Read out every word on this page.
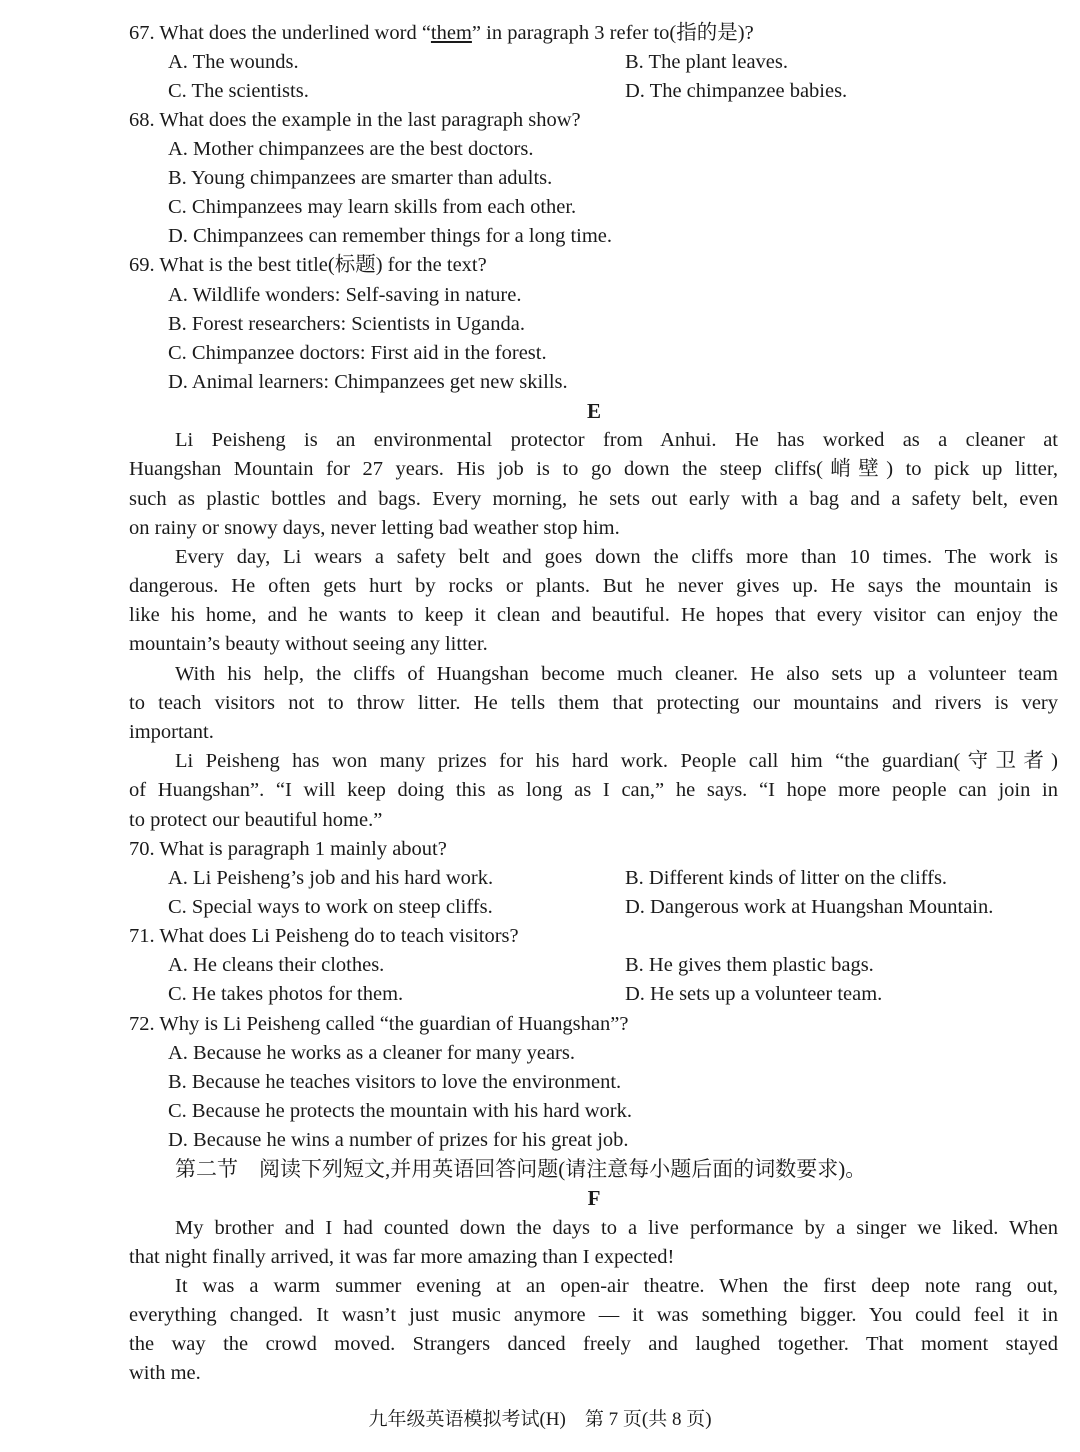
67. What does the underlined word “them” in paragraph 3 refer to(指的是)?
A. The wounds.	B. The plant leaves.
C. The scientists.	D. The chimpanzee babies.
68. What does the example in the last paragraph show?
A. Mother chimpanzees are the best doctors.
B. Young chimpanzees are smarter than adults.
C. Chimpanzees may learn skills from each other.
D. Chimpanzees can remember things for a long time.
69. What is the best title(标题) for the text?
A. Wildlife wonders: Self-saving in nature.
B. Forest researchers: Scientists in Uganda.
C. Chimpanzee doctors: First aid in the forest.
D. Animal learners: Chimpanzees get new skills.
E
Li Peisheng is an environmental protector from Anhui. He has worked as a cleaner at
Huangshan Mountain for 27 years. His job is to go down the steep cliffs(峭壁) to pick up litter,
such as plastic bottles and bags. Every morning, he sets out early with a bag and a safety belt, even
on rainy or snowy days, never letting bad weather stop him.
Every day, Li wears a safety belt and goes down the cliffs more than 10 times. The work is
dangerous. He often gets hurt by rocks or plants. But he never gives up. He says the mountain is
like his home, and he wants to keep it clean and beautiful. He hopes that every visitor can enjoy the
mountain’s beauty without seeing any litter.
With his help, the cliffs of Huangshan become much cleaner. He also sets up a volunteer team
to teach visitors not to throw litter. He tells them that protecting our mountains and rivers is very
important.
Li Peisheng has won many prizes for his hard work. People call him “the guardian(守卫者)
of Huangshan”. “I will keep doing this as long as I can,” he says. “I hope more people can join in
to protect our beautiful home.”
70. What is paragraph 1 mainly about?
A. Li Peisheng’s job and his hard work.	B. Different kinds of litter on the cliffs.
C. Special ways to work on steep cliffs.	D. Dangerous work at Huangshan Mountain.
71. What does Li Peisheng do to teach visitors?
A. He cleans their clothes.	B. He gives them plastic bags.
C. He takes photos for them.	D. He sets up a volunteer team.
72. Why is Li Peisheng called “the guardian of Huangshan”?
A. Because he works as a cleaner for many years.
B. Because he teaches visitors to love the environment.
C. Because he protects the mountain with his hard work.
D. Because he wins a number of prizes for his great job.
第二节　阅读下列短文,并用英语回答问题(请注意每小题后面的词数要求)。
F
My brother and I had counted down the days to a live performance by a singer we liked. When
that night finally arrived, it was far more amazing than I expected!
It was a warm summer evening at an open-air theatre. When the first deep note rang out,
everything changed. It wasn’t just music anymore — it was something bigger. You could feel it in
the way the crowd moved. Strangers danced freely and laughed together. That moment stayed
with me.
九年级英语模拟考试(H)　第 7 页(共 8 页)
